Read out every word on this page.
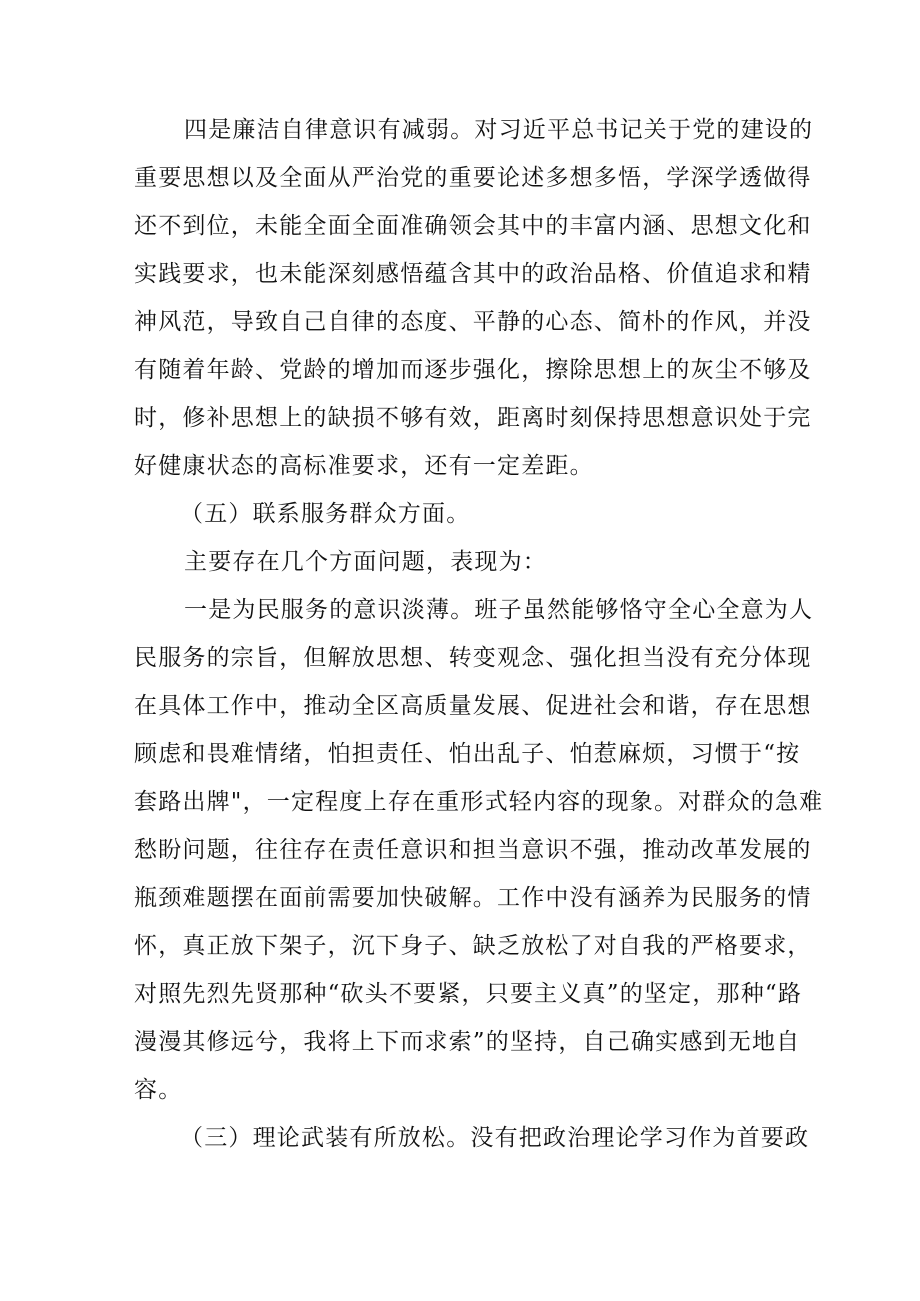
四是廉洁自律意识有减弱。对习近平总书记关于党的建设的
重要思想以及全面从严治党的重要论述多想多悟，学深学透做得
还不到位，未能全面全面准确领会其中的丰富内涵、思想文化和
实践要求，也未能深刻感悟蕴含其中的政治品格、价值追求和精
神风范，导致自己自律的态度、平静的心态、简朴的作风，并没
有随着年龄、党龄的增加而逐步强化，擦除思想上的灰尘不够及
时，修补思想上的缺损不够有效，距离时刻保持思想意识处于完
好健康状态的高标准要求，还有一定差距。
（五）联系服务群众方面。
主要存在几个方面问题，表现为：
一是为民服务的意识淡薄。班子虽然能够恪守全心全意为人
民服务的宗旨，但解放思想、转变观念、强化担当没有充分体现
在具体工作中，推动全区高质量发展、促进社会和谐，存在思想
顾虑和畏难情绪，怕担责任、怕出乱子、怕惹麻烦，习惯于“按
套路出牌"，一定程度上存在重形式轻内容的现象。对群众的急难
愁盼问题，往往存在责任意识和担当意识不强，推动改革发展的
瓶颈难题摆在面前需要加快破解。工作中没有涵养为民服务的情
怀，真正放下架子，沉下身子、缺乏放松了对自我的严格要求，
对照先烈先贤那种“砍头不要紧，只要主义真”的坚定，那种“路
漫漫其修远兮，我将上下而求索”的坚持，自己确实感到无地自
容。
（三）理论武装有所放松。没有把政治理论学习作为首要政
